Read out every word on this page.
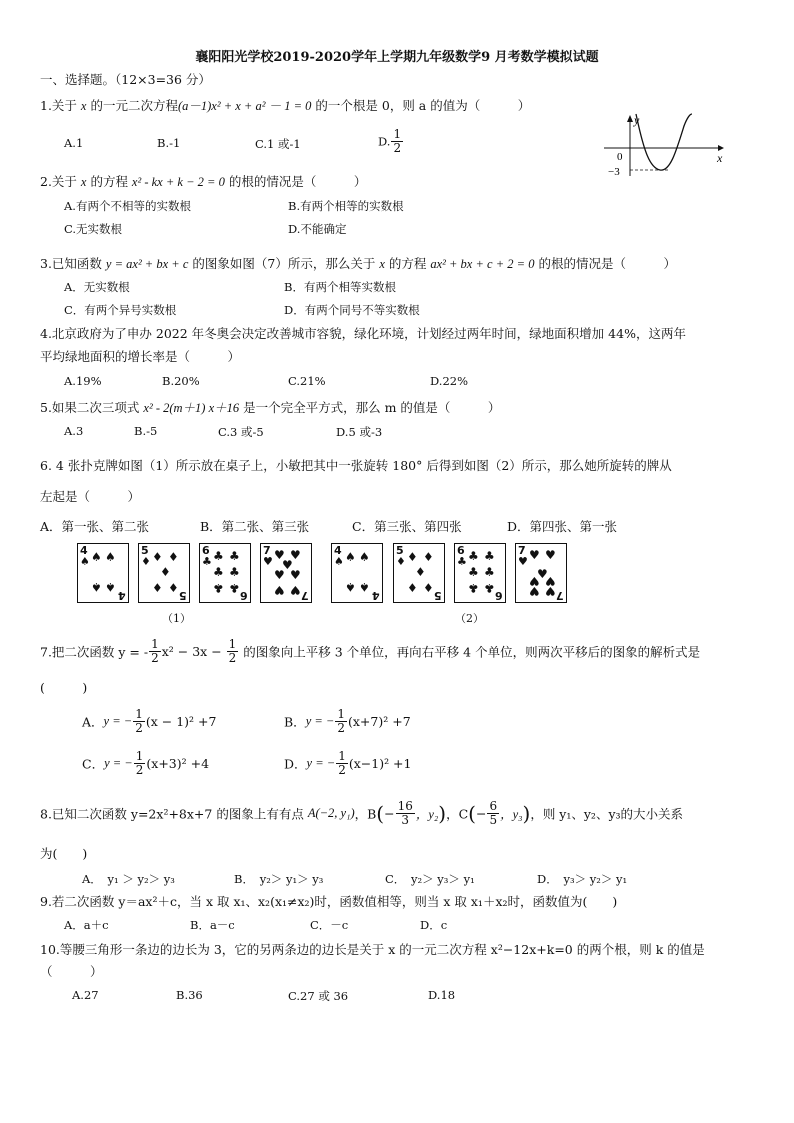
襄阳阳光学校2019-2020学年上学期九年级数学9 月考数学模拟试题
一、选择题。（12×3=36 分）
1.关于 x 的一元二次方程(a－1)x² + x + a² － 1 = 0 的一个根是 0，则 a 的值为（　　　）
A.1	B.-1	C.1 或-1	D. $\frac{1}{2}$
y
x
0
−3
2.关于 x 的方程 x² - kx + k − 2 = 0 的根的情况是（　　　）
A.有两个不相等的实数根	B.有两个相等的实数根
C.无实数根	D.不能确定
3.已知函数 y = ax² + bx + c 的图象如图（7）所示，那么关于 x 的方程 ax² + bx + c + 2 = 0 的根的情况是（　　　）
A．无实数根	B．有两个相等实数根
C．有两个异号实数根	D．有两个同号不等实数根
4.北京政府为了申办 2022 年冬奥会决定改善城市容貌，绿化环境，计划经过两年时间，绿地面积增加 44%，这两年
平均绿地面积的增长率是（　　　）
A.19%	B.20%	C.21%	D.22%
5.如果二次三项式 x² - 2(m＋1) x＋16 是一个完全平方式，那么 m 的值是（　　　）
A.3	B.-5	C.3 或-5	D.5 或-3
6. 4 张扑克牌如图（1）所示放在桌子上，小敏把其中一张旋转 180° 后得到如图（2）所示，那么她所旋转的牌从
左起是（　　　）
A．第一张、第二张	B．第二张、第三张	C．第三张、第四张	D．第四张、第一张
4
♠ ♠ ♠
♠ ♠
4
5
♦ ♦ ♦
♦
♦ ♦
5
6
♣ ♣ ♣
♣ ♣
♣ ♣
6
7
♥ ♥ ♥
♥
♥ ♥
♥ ♥ 7
4
♠ ♠ ♠
♠ ♠
4
5
♦ ♦ ♦
♦
♦ ♦
5
6
♣ ♣ ♣
♣ ♣
♣ ♣
6
7
♥ ♥ ♥
♥
♥ ♥
♥ ♥ 7
（1）	（2）
7.把二次函数 y = - $\frac{1}{2} x^2 - 3x - \frac{1}{2}$ 的图象向上平移 3 个单位，再向右平移 4 个单位，则两次平移后的图象的解析式是
(　　　)
A．y = − $\frac{1}{2} (x - 1)^2 +7$	B．y = − $\frac{1}{2} (x+7)^2 +7$
C．y = − $\frac{1}{2} (x+3)^2 +4$	D．y = − $\frac{1}{2} (x-1)^2 +1$
8.已知二次函数 y=2x²+8x+7 的图象上有有点 A(−2, y₁)，$B(- \frac{16}{3}$ ，y₂)，$C(- \frac{6}{5}$ ，y₃)，则 y₁、y₂、y₃的大小关系
为(　　)
A．　y₁ ＞ y₂＞ y₃	B．　y₂＞ y₁＞ y₃	C．　y₂＞ y₃＞ y₁	D．　y₃＞ y₂＞ y₁
9.若二次函数 y＝ax²＋c，当 x 取 x₁、x₂(x₁≠x₂)时，函数值相等，则当 x 取 x₁＋x₂时，函数值为(　　)
A．a＋c	B．a－c	C．－c	D．c
10.等腰三角形一条边的边长为 3，它的另两条边的边长是关于 x 的一元二次方程 x²−12x+k=0 的两个根，则 k 的值是
（　　　）
A.27	B.36	C.27 或 36	D.18
